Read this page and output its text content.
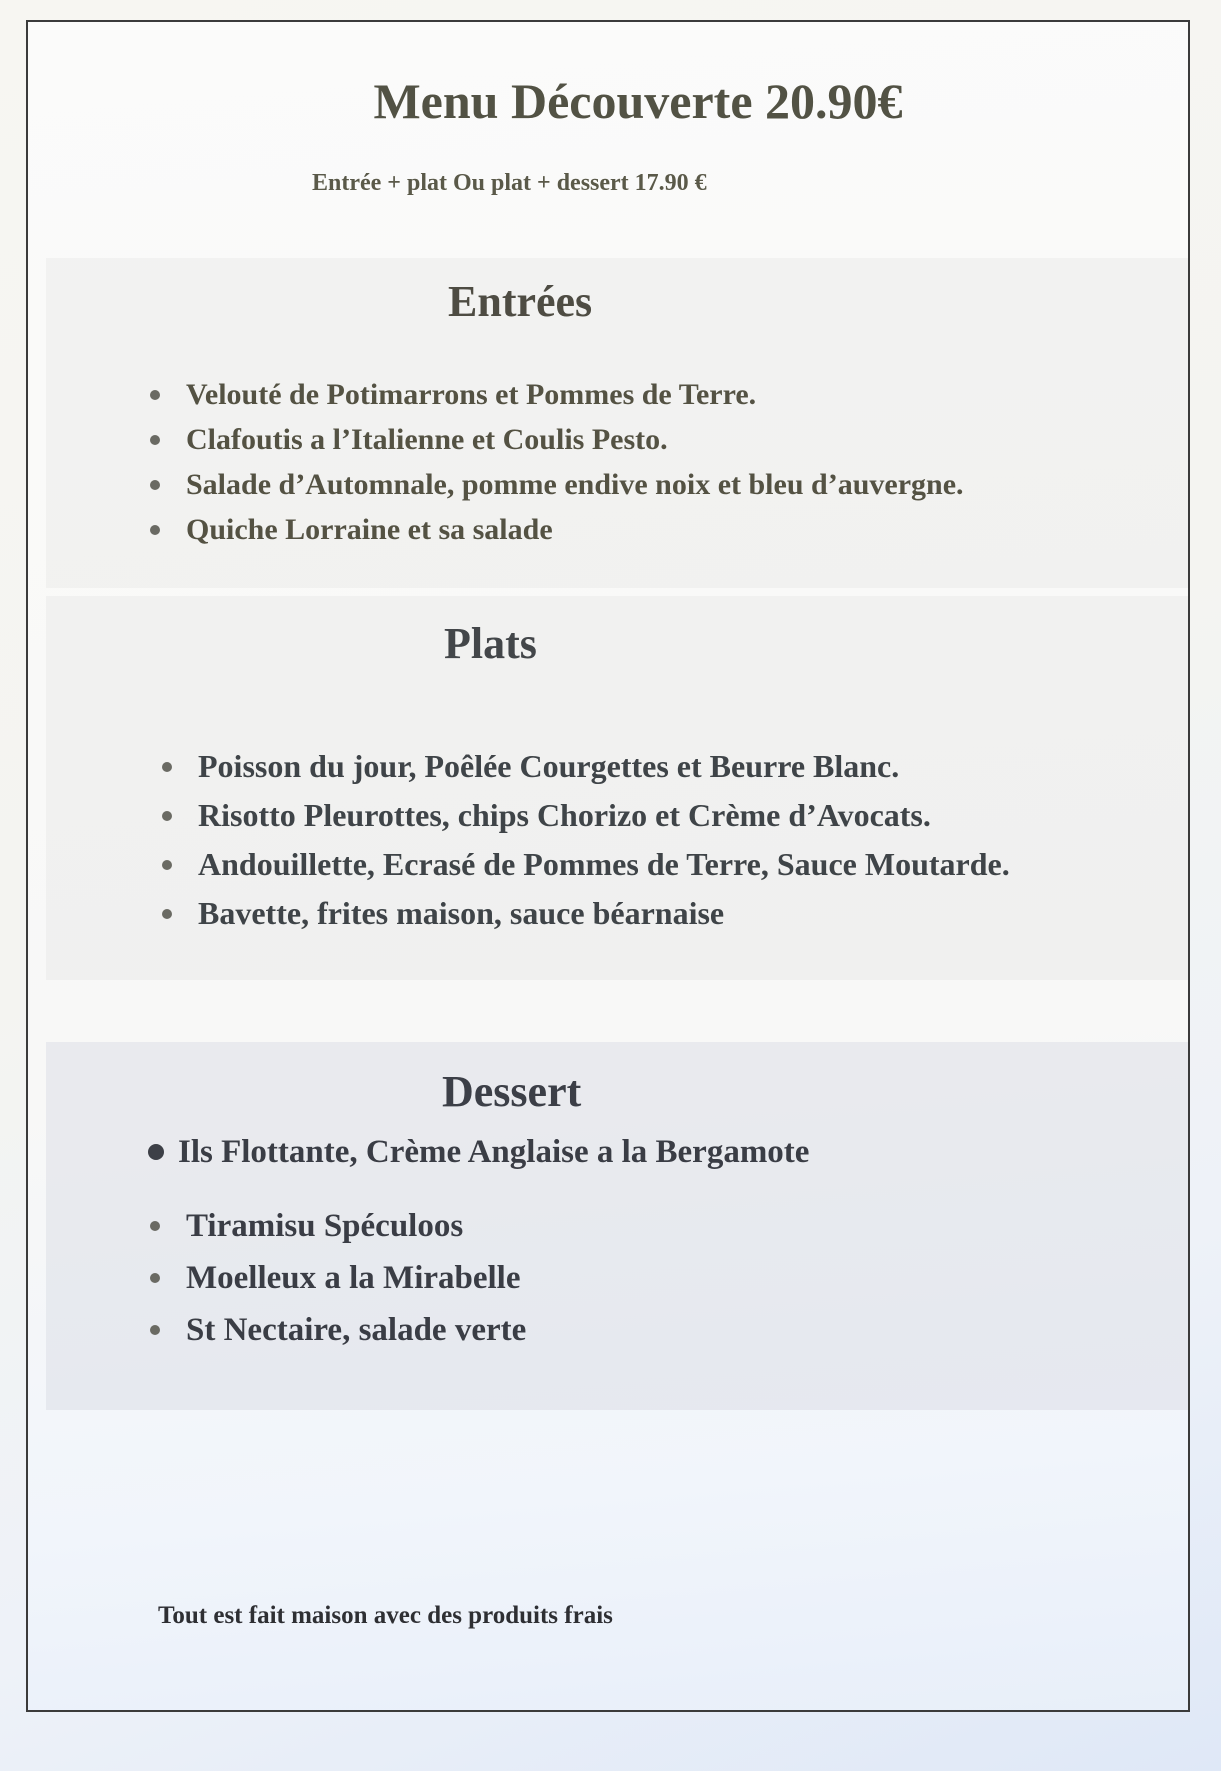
Menu Découverte 20.90€

Entrée + plat Ou plat + dessert 17.90 €

Entrées
Velouté de Potimarrons et Pommes de Terre.
Clafoutis a l’Italienne et Coulis Pesto.
Salade d’Automnale, pomme endive noix et bleu d’auvergne.
Quiche Lorraine et sa salade
Plats
Poisson du jour, Poêlée Courgettes et Beurre Blanc.
Risotto Pleurottes, chips Chorizo et Crème d’Avocats.
Andouillette, Ecrasé de Pommes de Terre, Sauce Moutarde.
Bavette, frites maison, sauce béarnaise
Dessert
Ils Flottante, Crème Anglaise a la Bergamote
Tiramisu Spéculoos
Moelleux a la Mirabelle
St Nectaire, salade verte

Tout est fait maison avec des produits frais
